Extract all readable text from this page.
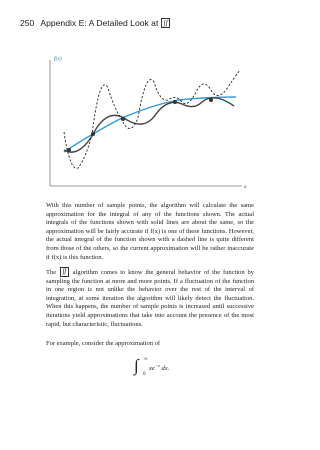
250 Appendix E: A Detailed Look at ∫f
f(x)
x

With this number of sample points, the algorithm will calculate the same approximation for the integral of any of the functions shown. The actual integrals of the functions shown with solid lines are about the same, so the approximation will be fairly accurate if f(x) is one of these functions. However, the actual integral of the function shown with a dashed line is quite different from those of the others, so the current approximation will be rather inaccurate if f(x) is this function.

The ∫f algorithm comes to know the general behavior of the function by sampling the function at more and more points. If a fluctuation of the function in one region is not unlike the behavior over the rest of the interval of integration, at some iteration the algorithm will likely detect the fluctuation. When this happens, the number of sample points is increased until successive iterations yield approximations that take into account the presence of the most rapid, but characteristic, fluctuations.

For example, consider the approximation of

∫ ∞
0
$xe^{-x}$ dx.
